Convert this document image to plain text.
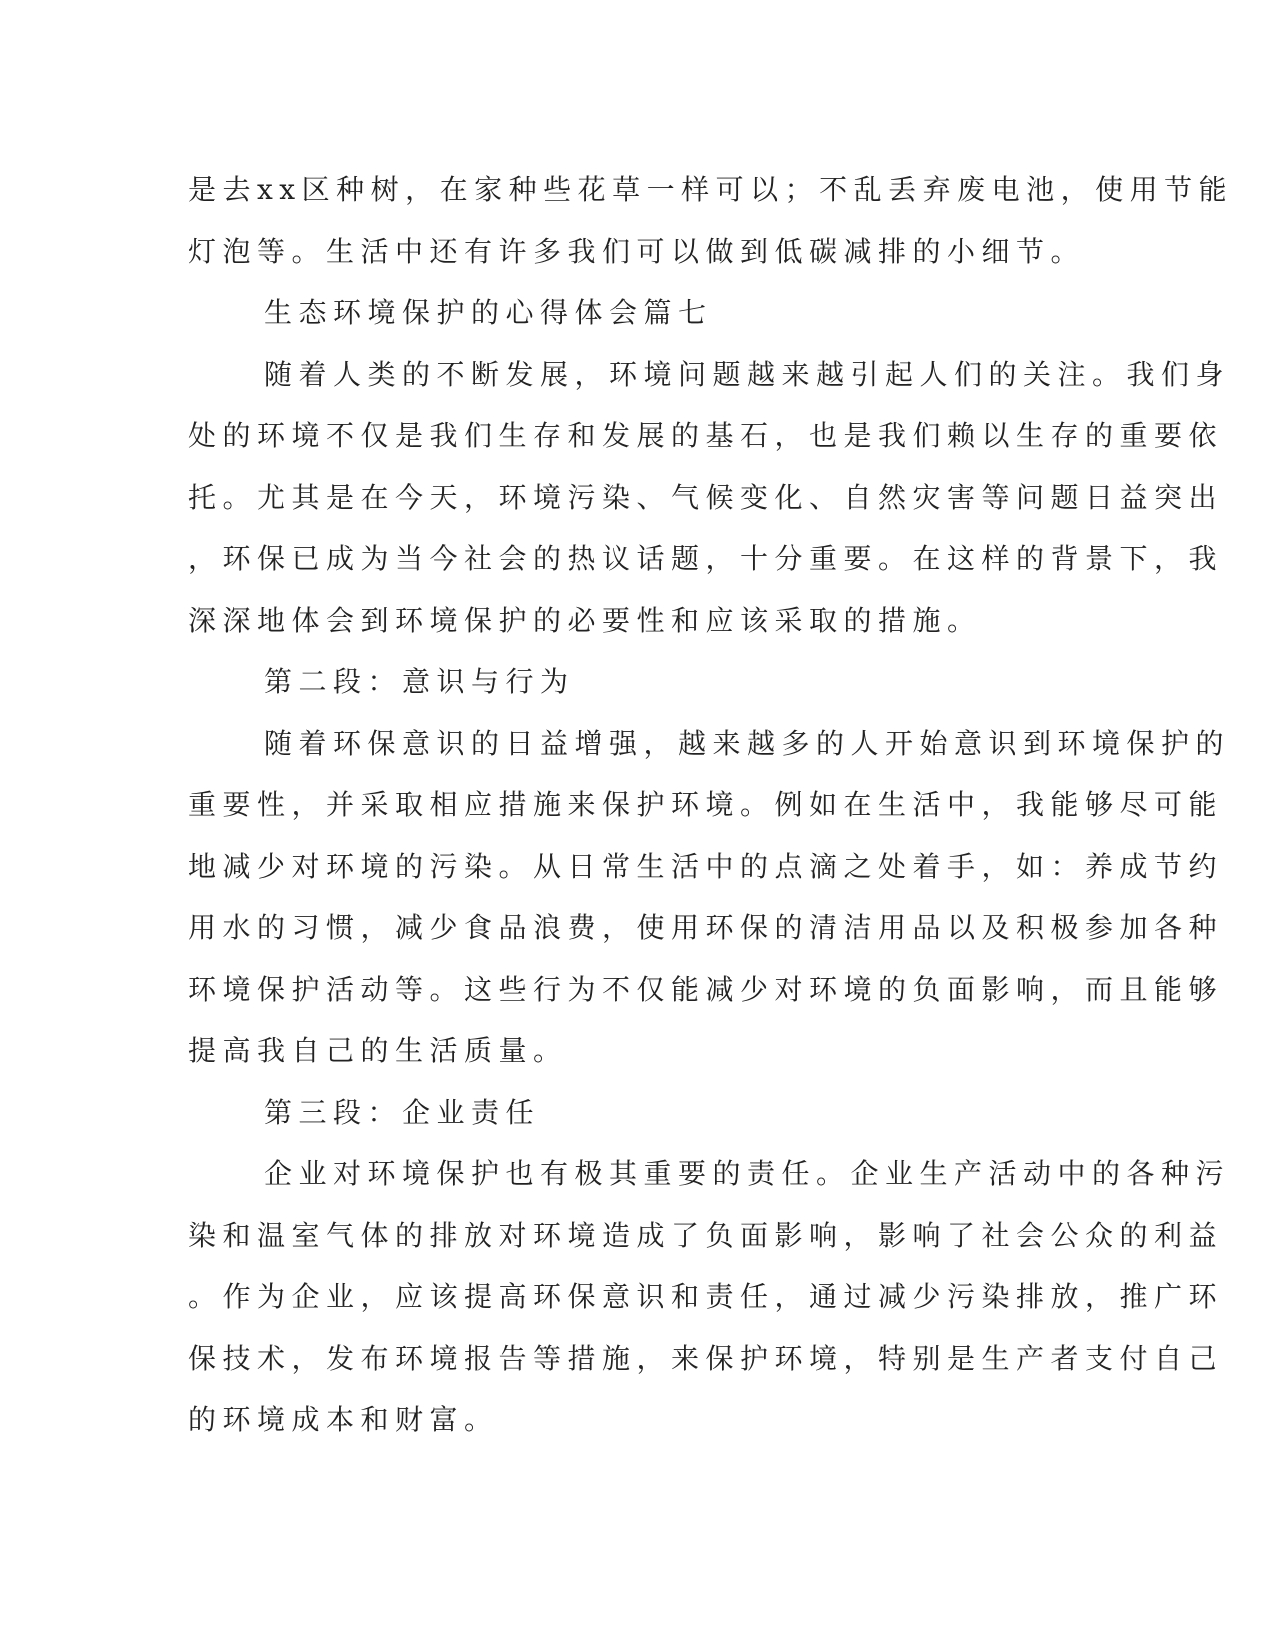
是去xx区种树，在家种些花草一样可以；不乱丢弃废电池，使用节能
灯泡等。生活中还有许多我们可以做到低碳减排的小细节。
生态环境保护的心得体会篇七
随着人类的不断发展，环境问题越来越引起人们的关注。我们身
处的环境不仅是我们生存和发展的基石，也是我们赖以生存的重要依
托。尤其是在今天，环境污染、气候变化、自然灾害等问题日益突出
，环保已成为当今社会的热议话题，十分重要。在这样的背景下，我
深深地体会到环境保护的必要性和应该采取的措施。
第二段：意识与行为
随着环保意识的日益增强，越来越多的人开始意识到环境保护的
重要性，并采取相应措施来保护环境。例如在生活中，我能够尽可能
地减少对环境的污染。从日常生活中的点滴之处着手，如：养成节约
用水的习惯，减少食品浪费，使用环保的清洁用品以及积极参加各种
环境保护活动等。这些行为不仅能减少对环境的负面影响，而且能够
提高我自己的生活质量。
第三段：企业责任
企业对环境保护也有极其重要的责任。企业生产活动中的各种污
染和温室气体的排放对环境造成了负面影响，影响了社会公众的利益
。作为企业，应该提高环保意识和责任，通过减少污染排放，推广环
保技术，发布环境报告等措施，来保护环境，特别是生产者支付自己
的环境成本和财富。
